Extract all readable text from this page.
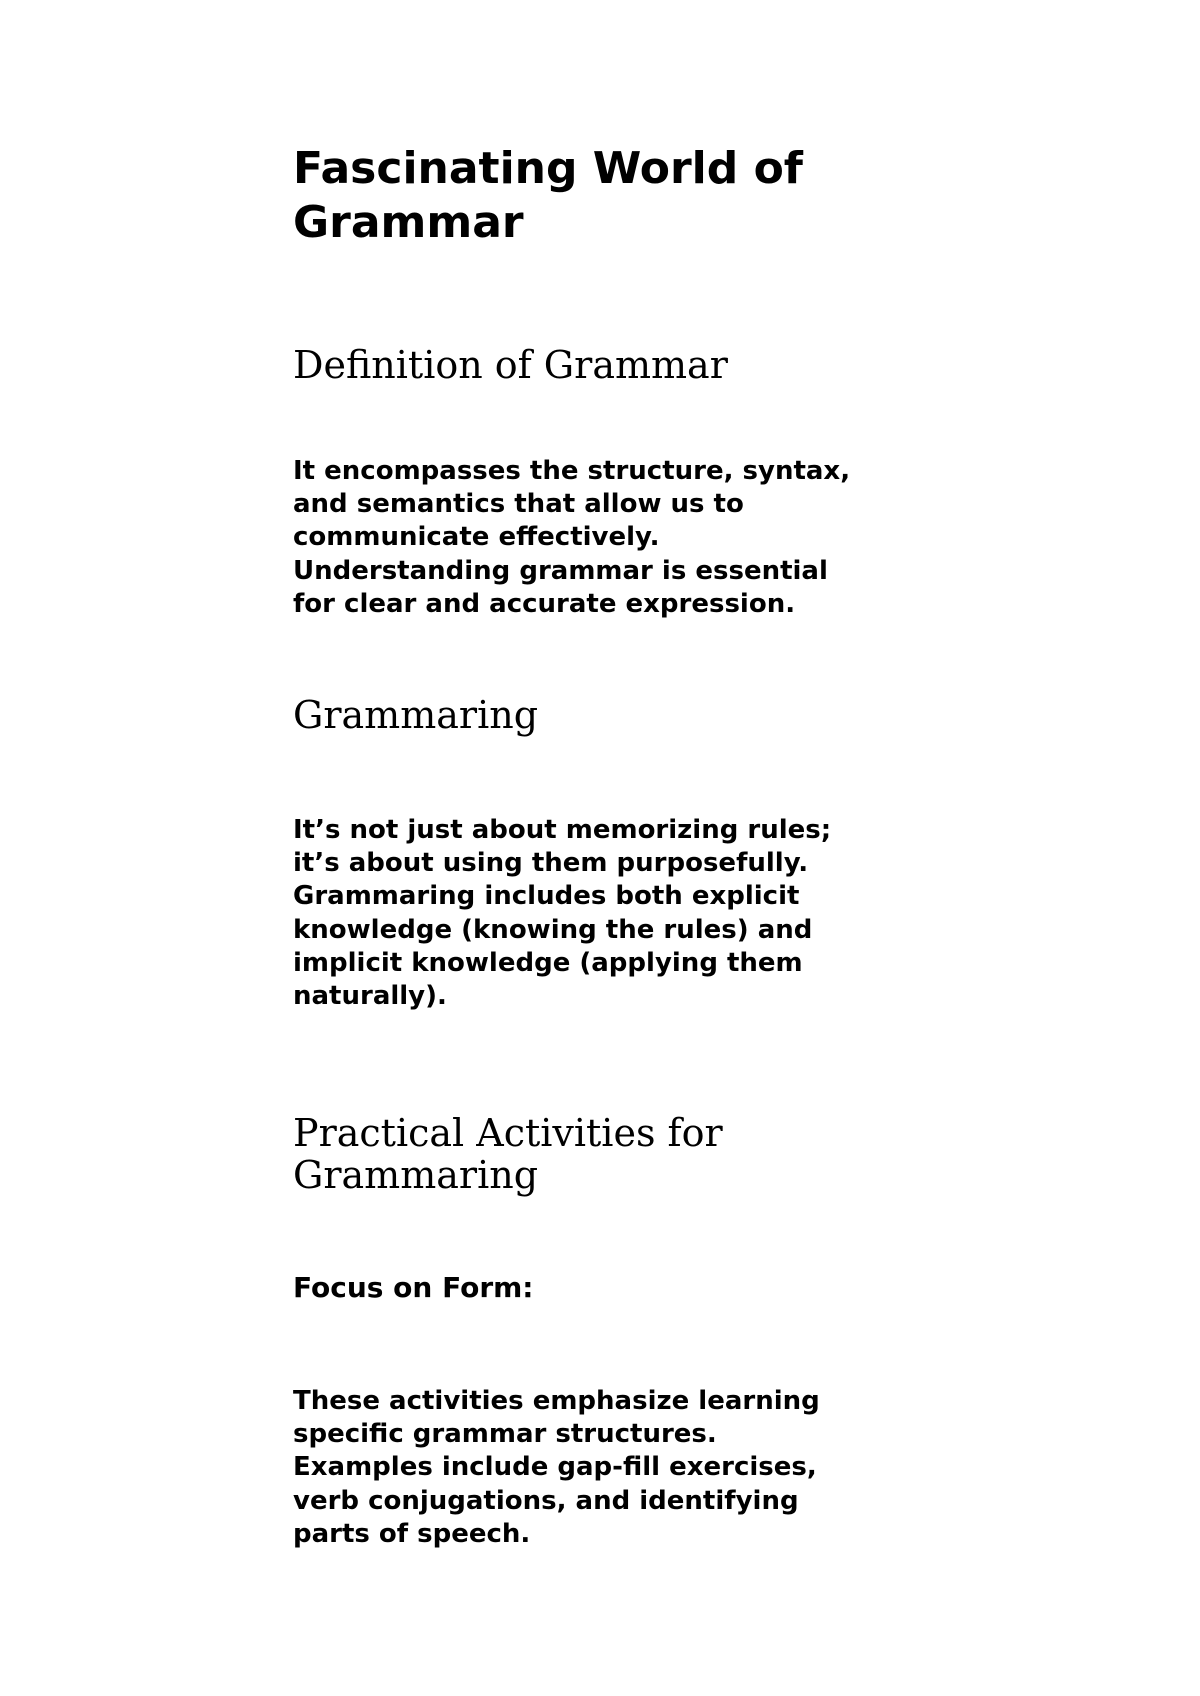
Fascinating World of
Grammar
Definition of Grammar

It encompasses the structure, syntax,
and semantics that allow us to
communicate effectively.
Understanding grammar is essential
for clear and accurate expression.

Grammaring

It’s not just about memorizing rules;
it’s about using them purposefully.
Grammaring includes both explicit
knowledge (knowing the rules) and
implicit knowledge (applying them
naturally).

Practical Activities for
Grammaring
Focus on Form:

These activities emphasize learning
specific grammar structures.
Examples include gap-fill exercises,
verb conjugations, and identifying
parts of speech.
